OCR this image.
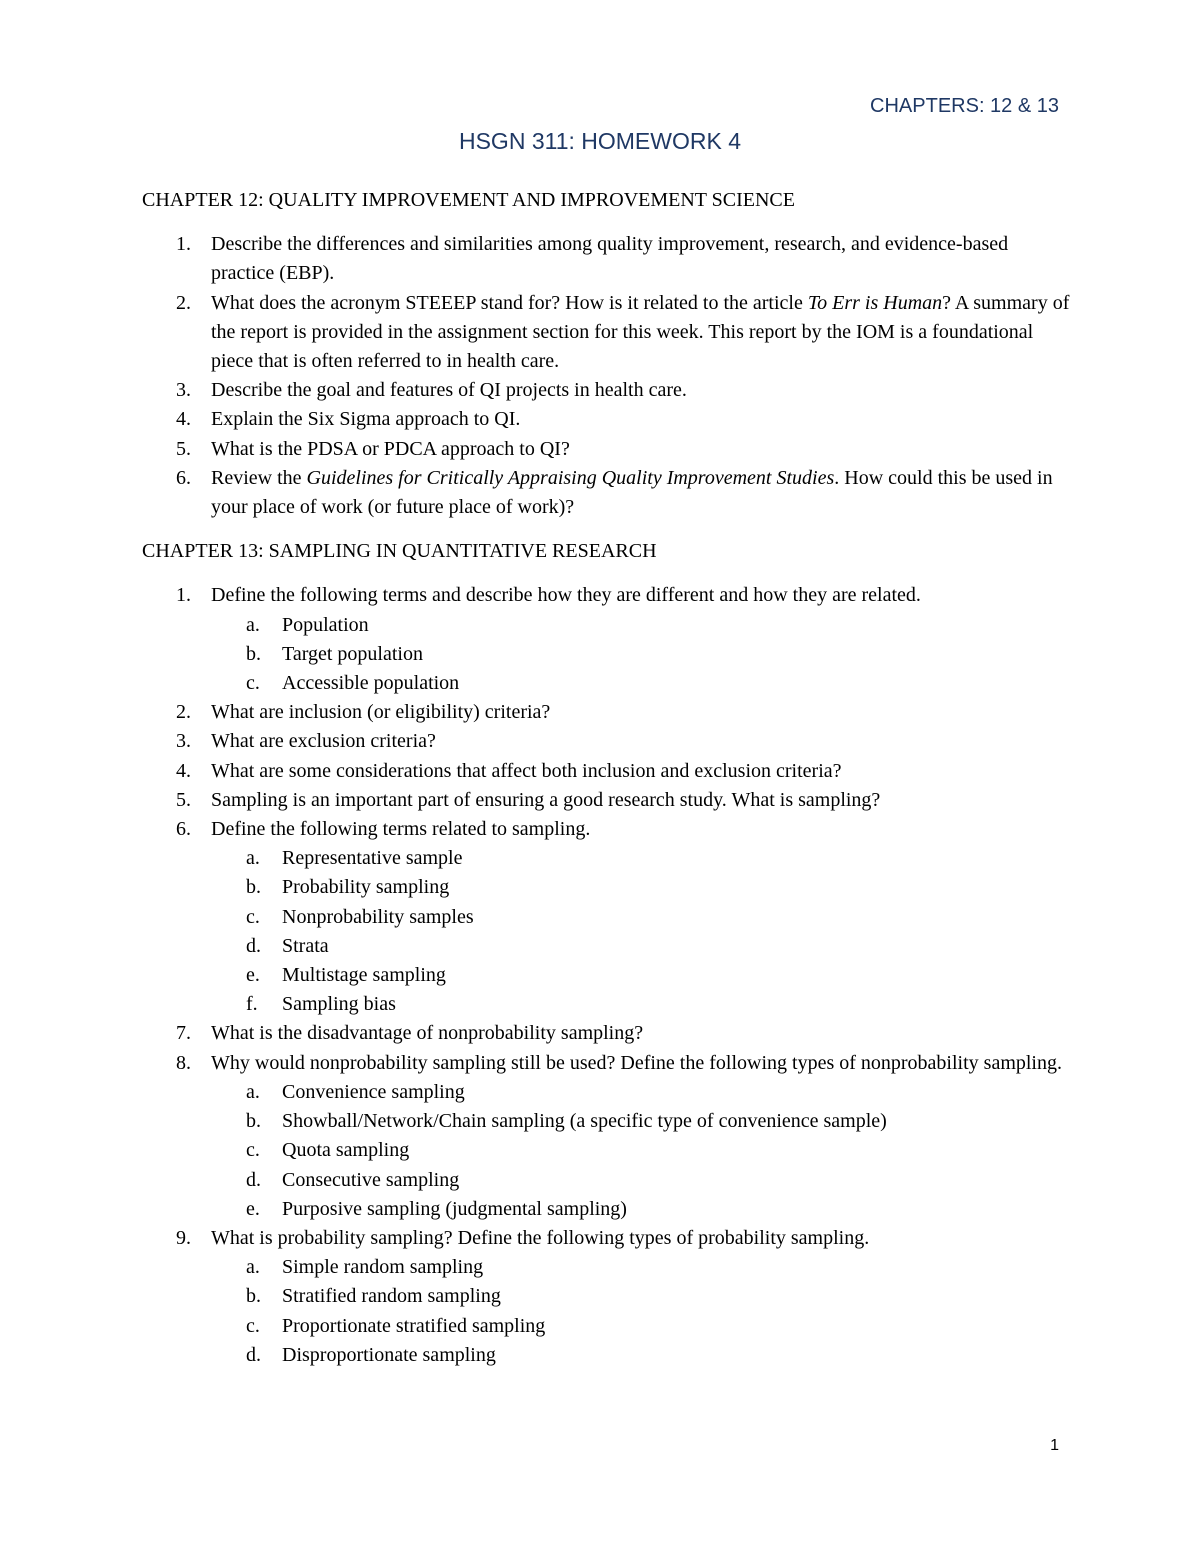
CHAPTERS: 12 & 13
HSGN 311: HOMEWORK 4
CHAPTER 12: QUALITY IMPROVEMENT AND IMPROVEMENT SCIENCE
1. Describe the differences and similarities among quality improvement, research, and evidence-based practice (EBP).
2. What does the acronym STEEEP stand for? How is it related to the article To Err is Human? A summary of the report is provided in the assignment section for this week. This report by the IOM is a foundational piece that is often referred to in health care.
3. Describe the goal and features of QI projects in health care.
4. Explain the Six Sigma approach to QI.
5. What is the PDSA or PDCA approach to QI?
6. Review the Guidelines for Critically Appraising Quality Improvement Studies. How could this be used in your place of work (or future place of work)?
CHAPTER 13: SAMPLING IN QUANTITATIVE RESEARCH
1. Define the following terms and describe how they are different and how they are related.
a. Population
b. Target population
c. Accessible population
2. What are inclusion (or eligibility) criteria?
3. What are exclusion criteria?
4. What are some considerations that affect both inclusion and exclusion criteria?
5. Sampling is an important part of ensuring a good research study. What is sampling?
6. Define the following terms related to sampling.
a. Representative sample
b. Probability sampling
c. Nonprobability samples
d. Strata
e. Multistage sampling
f. Sampling bias
7. What is the disadvantage of nonprobability sampling?
8. Why would nonprobability sampling still be used? Define the following types of nonprobability sampling.
a. Convenience sampling
b. Showball/Network/Chain sampling (a specific type of convenience sample)
c. Quota sampling
d. Consecutive sampling
e. Purposive sampling (judgmental sampling)
9. What is probability sampling? Define the following types of probability sampling.
a. Simple random sampling
b. Stratified random sampling
c. Proportionate stratified sampling
d. Disproportionate sampling
1
